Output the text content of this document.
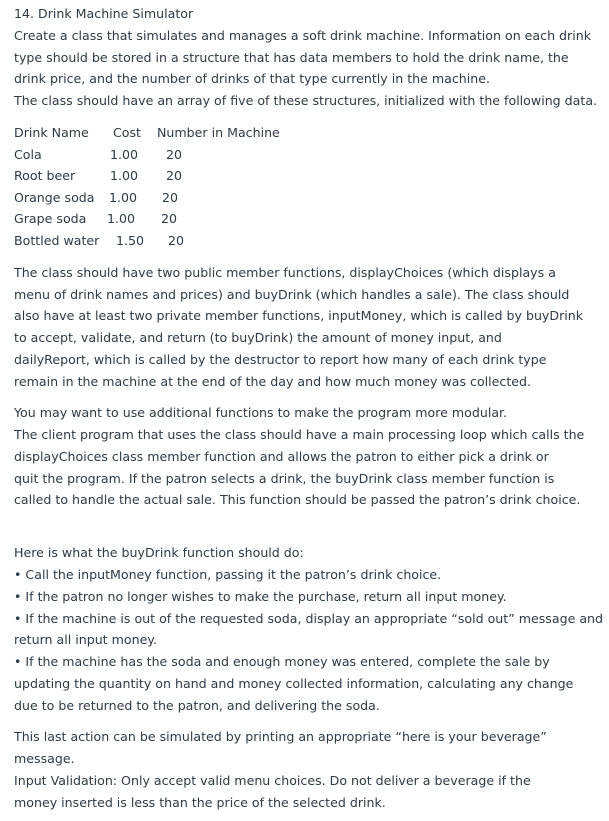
14. Drink Machine Simulator
Create a class that simulates and manages a soft drink machine. Information on each drink
type should be stored in a structure that has data members to hold the drink name, the
drink price, and the number of drinks of that type currently in the machine.
The class should have an array of five of these structures, initialized with the following data.
Drink Name Cost Number in Machine
Cola	1.00 20
Root beer	1.00 20
Orange soda 1.00 20
Grape soda 1.00 20
Bottled water 1.50 20
The class should have two public member functions, displayChoices (which displays a
menu of drink names and prices) and buyDrink (which handles a sale). The class should
also have at least two private member functions, inputMoney, which is called by buyDrink
to accept, validate, and return (to buyDrink) the amount of money input, and
dailyReport, which is called by the destructor to report how many of each drink type
remain in the machine at the end of the day and how much money was collected.
You may want to use additional functions to make the program more modular.
The client program that uses the class should have a main processing loop which calls the
displayChoices class member function and allows the patron to either pick a drink or
quit the program. If the patron selects a drink, the buyDrink class member function is
called to handle the actual sale. This function should be passed the patron’s drink choice.
Here is what the buyDrink function should do:
• Call the inputMoney function, passing it the patron’s drink choice.
• If the patron no longer wishes to make the purchase, return all input money.
• If the machine is out of the requested soda, display an appropriate “sold out” message and
return all input money.
• If the machine has the soda and enough money was entered, complete the sale by
updating the quantity on hand and money collected information, calculating any change
due to be returned to the patron, and delivering the soda.
This last action can be simulated by printing an appropriate “here is your beverage”
message.
Input Validation: Only accept valid menu choices. Do not deliver a beverage if the
money inserted is less than the price of the selected drink.
